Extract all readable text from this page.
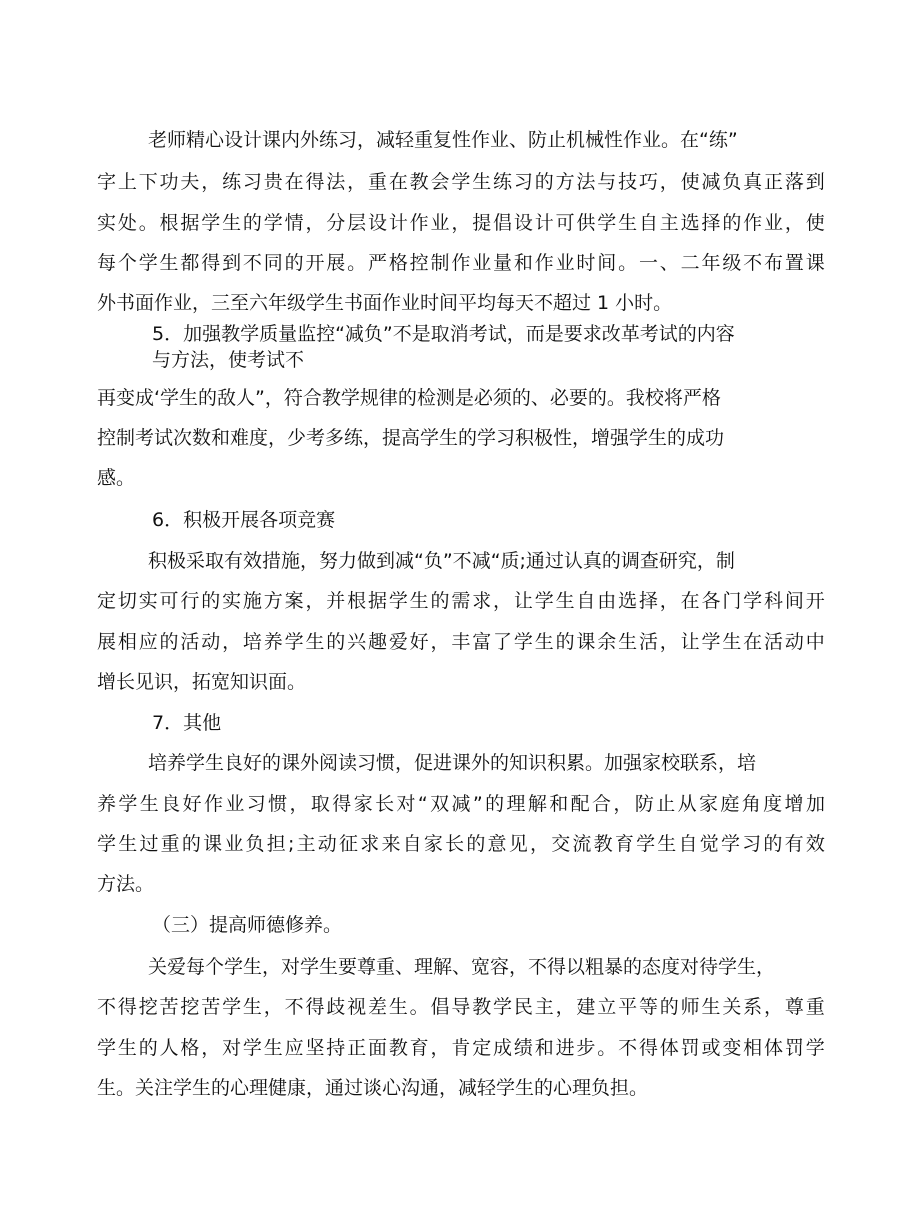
老师精心设计课内外练习，减轻重复性作业、防止机械性作业。在“练”
字 上 下 功 夫 ， 练 习 贵 在 得 法 ， 重 在 教 会 学 生 练 习 的 方 法 与 技 巧 ， 使 减 负 真 正 落 到
实 处 。 根 据 学 生 的 学 情 ， 分 层 设 计 作 业 ， 提 倡 设 计 可 供 学 生 自 主 选 择 的 作 业 ， 使
每 个 学 生 都 得 到 不 同 的 开 展 。 严 格 控 制 作 业 量 和 作 业 时 间 。 一 、 二 年 级 不 布 置 课
外书面作业，三至六年级学生书面作业时间平均每天不超过 1 小时。
5．加强教学质量监控“减负”不是取消考试，而是要求改革考试的内容
与方法，使考试不
再变成‘学生的敌人”，符合教学规律的检测是必须的、必要的。我校将严格
控制考试次数和难度，少考多练，提高学生的学习积极性，增强学生的成功
感。
6．积极开展各项竞赛
积极采取有效措施，努力做到减“负”不减“质;通过认真的调查研究，制
定 切 实 可 行 的 实 施 方 案 ， 并 根 据 学 生 的 需 求 ， 让 学 生 自 由 选 择 ， 在 各 门 学 科 间 开
展 相 应 的 活 动 ， 培 养 学 生 的 兴 趣 爱 好 ， 丰 富 了 学 生 的 课 余 生 活 ， 让 学 生 在 活 动 中
增长见识，拓宽知识面。
7．其他
培养学生良好的课外阅读习惯，促进课外的知识积累。加强家校联系，培
养 学 生 良 好 作 业 习 惯 ， 取 得 家 长 对 “ 双 减 ” 的 理 解 和 配 合 ， 防 止 从 家 庭 角 度 增 加
学 生 过 重 的 课 业 负 担 ; 主 动 征 求 来 自 家 长 的 意 见 ， 交 流 教 育 学 生 自 觉 学 习 的 有 效
方法。
（三）提高师德修养。
关爱每个学生，对学生要尊重、理解、宽容，不得以粗暴的态度对待学生，
不 得 挖 苦 挖 苦 学 生 ， 不 得 歧 视 差 生 。 倡 导 教 学 民 主 ， 建 立 平 等 的 师 生 关 系 ， 尊 重
学 生 的 人 格 ， 对 学 生 应 坚 持 正 面 教 育 ， 肯 定 成 绩 和 进 步 。 不 得 体 罚 或 变 相 体 罚 学
生。关注学生的心理健康，通过谈心沟通，减轻学生的心理负担。
